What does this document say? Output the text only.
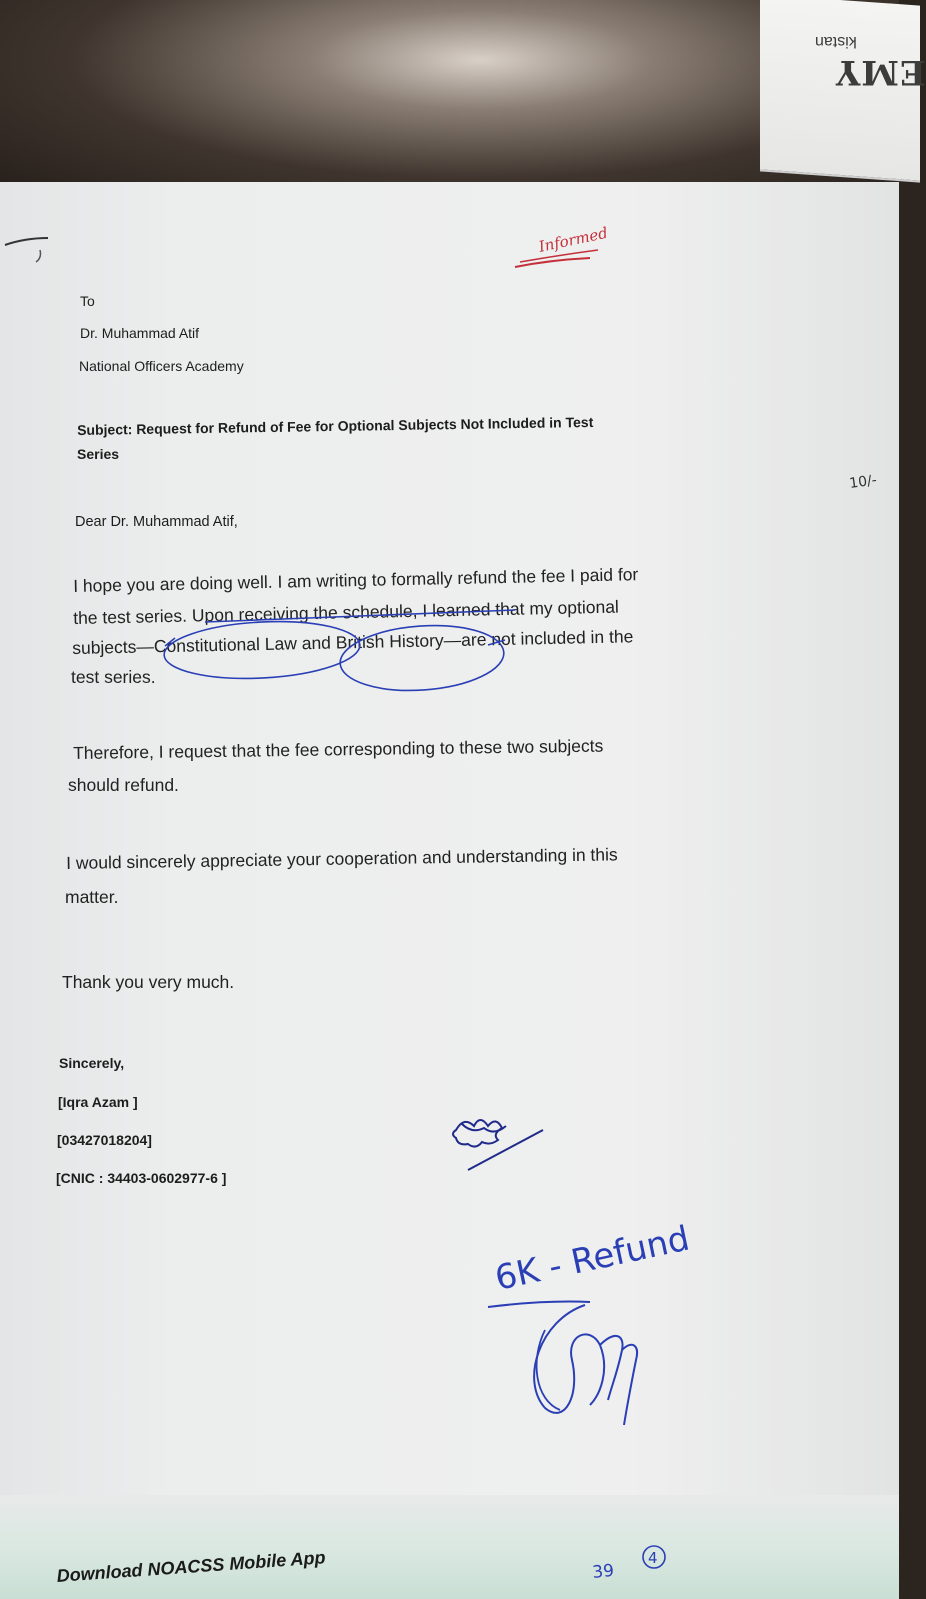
EMY
kistan
To
Dr. Muhammad Atif
National Officers Academy
Subject: Request for Refund of Fee for Optional Subjects Not Included in Test
Series
Dear Dr. Muhammad Atif,
I hope you are doing well. I am writing to formally refund the fee I paid for
the test series. Upon receiving the schedule, I learned that my optional
subjects—Constitutional Law and British History—are not included in the
test series.
Therefore, I request that the fee corresponding to these two subjects
should refund.
I would sincerely appreciate your cooperation and understanding in this
matter.
Thank you very much.
Sincerely,
[Iqra Azam ]
[03427018204]
[CNIC : 34403-0602977-6 ]
Informed
10/-
6K - Refund
39
4
Download NOACSS Mobile App
